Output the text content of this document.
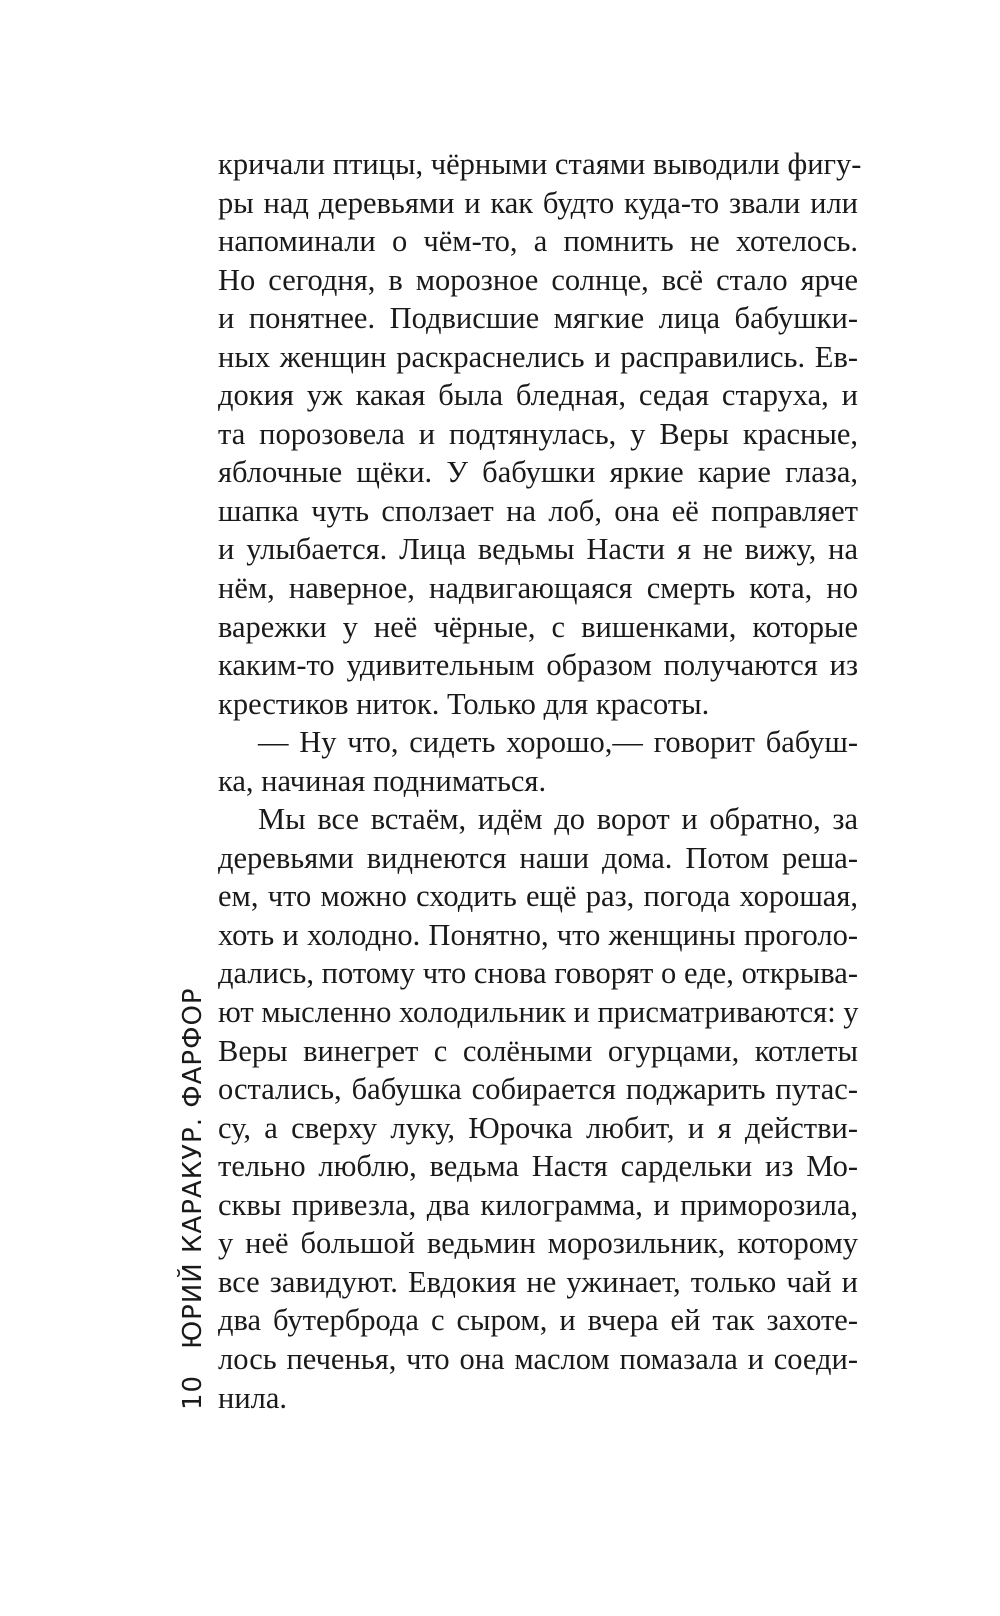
10ЮРИЙ КАРАКУР. ФАРФОР
кричали птицы, чёрными стаями выводили фигу-
ры над деревьями и как будто куда-то звали или
напоминали о чём-то, а помнить не хотелось.
Но сегодня, в морозное солнце, всё стало ярче
и понятнее. Подвисшие мягкие лица бабушки-
ных женщин раскраснелись и расправились. Ев-
докия уж какая была бледная, седая старуха, и
та порозовела и подтянулась, у Веры красные,
яблочные щёки. У бабушки яркие карие глаза,
шапка чуть сползает на лоб, она её поправляет
и улыбается. Лица ведьмы Насти я не вижу, на
нём, наверное, надвигающаяся смерть кота, но
варежки у неё чёрные, с вишенками, которые
каким-то удивительным образом получаются из
крестиков ниток. Только для красоты.
— Ну что, сидеть хорошо,— говорит бабуш-
ка, начиная подниматься.
Мы все встаём, идём до ворот и обратно, за
деревьями виднеются наши дома. Потом реша-
ем, что можно сходить ещё раз, погода хорошая,
хоть и холодно. Понятно, что женщины проголо-
дались, потому что снова говорят о еде, открыва-
ют мысленно холодильник и присматриваются: у
Веры винегрет с солёными огурцами, котлеты
остались, бабушка собирается поджарить путас-
су, а сверху луку, Юрочка любит, и я действи-
тельно люблю, ведьма Настя сардельки из Мо-
сквы привезла, два килограмма, и приморозила,
у неё большой ведьмин морозильник, которому
все завидуют. Евдокия не ужинает, только чай и
два бутерброда с сыром, и вчера ей так захоте-
лось печенья, что она маслом помазала и соеди-
нила.
